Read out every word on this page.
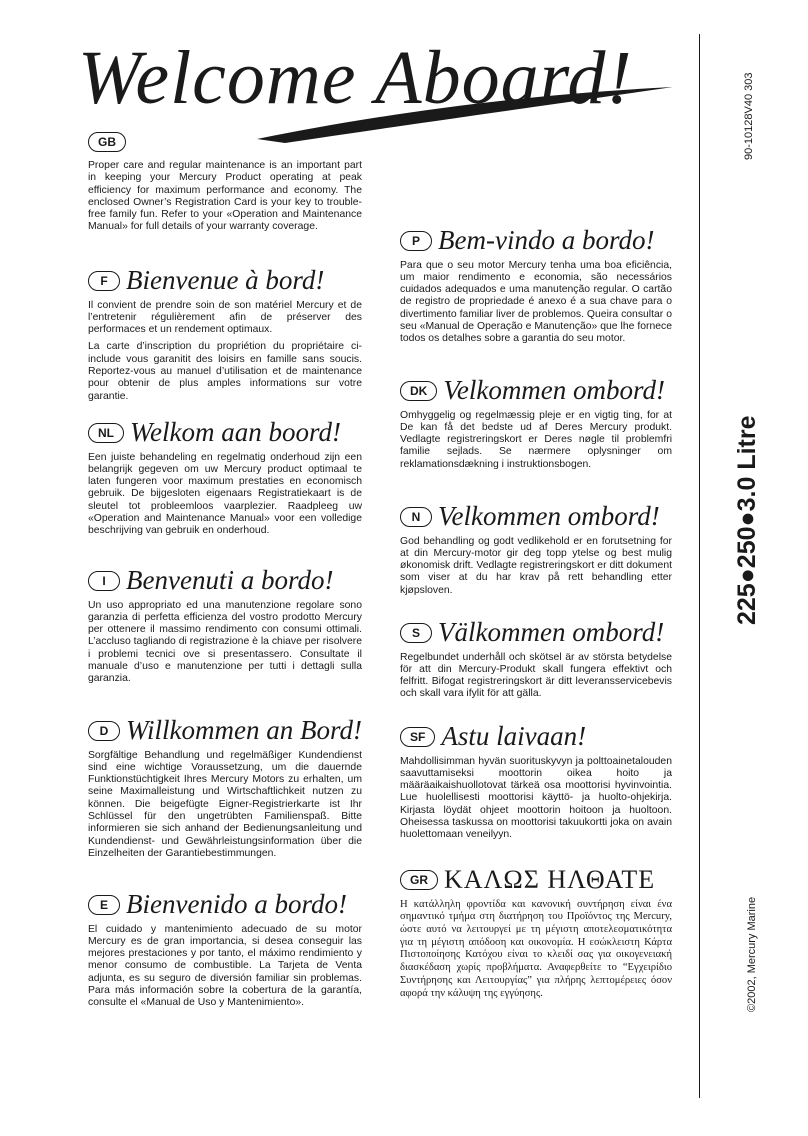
Welcome Aboard!
GB

Proper care and regular maintenance is an important part in keeping your Mercury Product operating at peak efficiency for maximum performance and economy. The enclosed Owner’s Registration Card is your key to trouble-free family fun. Refer to your «Operation and Maintenance Manual» for full details of your warranty coverage.

F Bienvenue à bord!

Il convient de prendre soin de son matériel Mercury et de l’entretenir régulièrement afin de préserver des performaces et un rendement optimaux.

La carte d’inscription du propriétion du propriétaire ci-include vous garanitit des loisirs en famille sans soucis. Reportez-vous au manuel d’utilisation et de maintenance pour obtenir de plus amples informations sur votre garantie.

NL Welkom aan boord!

Een juiste behandeling en regelmatig onderhoud zijn een belangrijk gegeven om uw Mercury product optimaal te laten fungeren voor maximum prestaties en economisch gebruik. De bijgesloten eigenaars Registratiekaart is de sleutel tot probleemloos vaarplezier. Raadpleeg uw «Operation and Maintenance Manual» voor een volledige beschrijving van gebruik en onderhoud.

I Benvenuti a bordo!

Un uso appropriato ed una manutenzione regolare sono garanzia di perfetta efficienza del vostro prodotto Mercury per ottenere il massimo rendimento con consumi ottimali. L’accluso tagliando di registrazione è la chiave per risolvere i problemi tecnici ove si presentassero. Consultate il manuale d’uso e manutenzione per tutti i dettagli sulla garanzia.

D Willkommen an Bord!

Sorgfältige Behandlung und regelmäßiger Kundendienst sind eine wichtige Voraussetzung, um die dauernde Funktionstüchtigkeit Ihres Mercury Motors zu erhalten, um seine Maximalleistung und Wirtschaftlichkeit nutzen zu können. Die beigefügte Eigner-Registrierkarte ist Ihr Schlüssel für den ungetrübten Familienspaß. Bitte informieren sie sich anhand der Bedienungsanleitung und Kundendienst- und Gewährleistungsinformation über die Einzelheiten der Garantiebestimmungen.

E Bienvenido a bordo!

El cuidado y mantenimiento adecuado de su motor Mercury es de gran importancia, si desea conseguir las mejores prestaciones y por tanto, el máximo rendimiento y menor consumo de combustible. La Tarjeta de Venta adjunta, es su seguro de diversión familiar sin problemas. Para más información sobre la cobertura de la garantía, consulte el «Manual de Uso y Mantenimiento».

P Bem-vindo a bordo!

Para que o seu motor Mercury tenha uma boa eficiência, um maior rendimento e economia, são necessários cuidados adequados e uma manutenção regular. O cartão de registro de propriedade é anexo é a sua chave para o divertimento familiar liver de problemos. Queira consultar o seu «Manual de Operação e Manutenção» que lhe fornece todos os detalhes sobre a garantia do seu motor.

DK Velkommen ombord!

Omhyggelig og regelmæssig pleje er en vigtig ting, for at De kan få det bedste ud af Deres Mercury produkt. Vedlagte registreringskort er Deres nøgle til problemfri familie sejlads. Se nærmere oplysninger om reklamationsdækning i instruktionsbogen.

N Velkommen ombord!

God behandling og godt vedlikehold er en forutsetning for at din Mercury-motor gir deg topp ytelse og best mulig økonomisk drift. Vedlagte registreringskort er ditt dokument som viser at du har krav på rett behandling etter kjøpsloven.

S Välkommen ombord!

Regelbundet underhåll och skötsel är av största betydelse för att din Mercury-Produkt skall fungera effektivt och felfritt. Bifogat registreringskort är ditt leveransservicebevis och skall vara ifylit för att gälla.

SF Astu laivaan!

Mahdollisimman hyvän suorituskyvyn ja polttoainetalouden saavuttamiseksi moottorin oikea hoito ja määräaikaishuollotovat tärkeä osa moottorisi hyvinvointia. Lue huolellisesti moottorisi käyttö- ja huolto-ohjekirja. Kirjasta löydät ohjeet moottorin hoitoon ja huoltoon. Oheisessa taskussa on moottorisi takuukortti joka on avain huolettomaan veneilyyn.

GR ΚΑΛΩΣ ΗΛΘΑΤΕ

Η κατάλληλη φροντίδα και κανονική συντήρηση είναι ένα σημαντικό τμήμα στη διατήρηση του Προϊόντος της Mercury, ώστε αυτό να λειτουργεί με τη μέγιστη αποτελεσματικότητα για τη μέγιστη απόδοση και οικονομία. Η εσώκλειστη Κάρτα Πιστοποίησης Κατόχου είναι το κλειδί σας για οικογενειακή διασκέδαση χωρίς προβλήματα. Αναφερθείτε το “Εγχειρίδιο Συντήρησης και Λειτουργίας” για πλήρης λεπτομέρειες όσον αφορά την κάλυψη της εγγύησης.

90-10128V40 303
225●250●3.0 Litre
©2002, Mercury Marine
